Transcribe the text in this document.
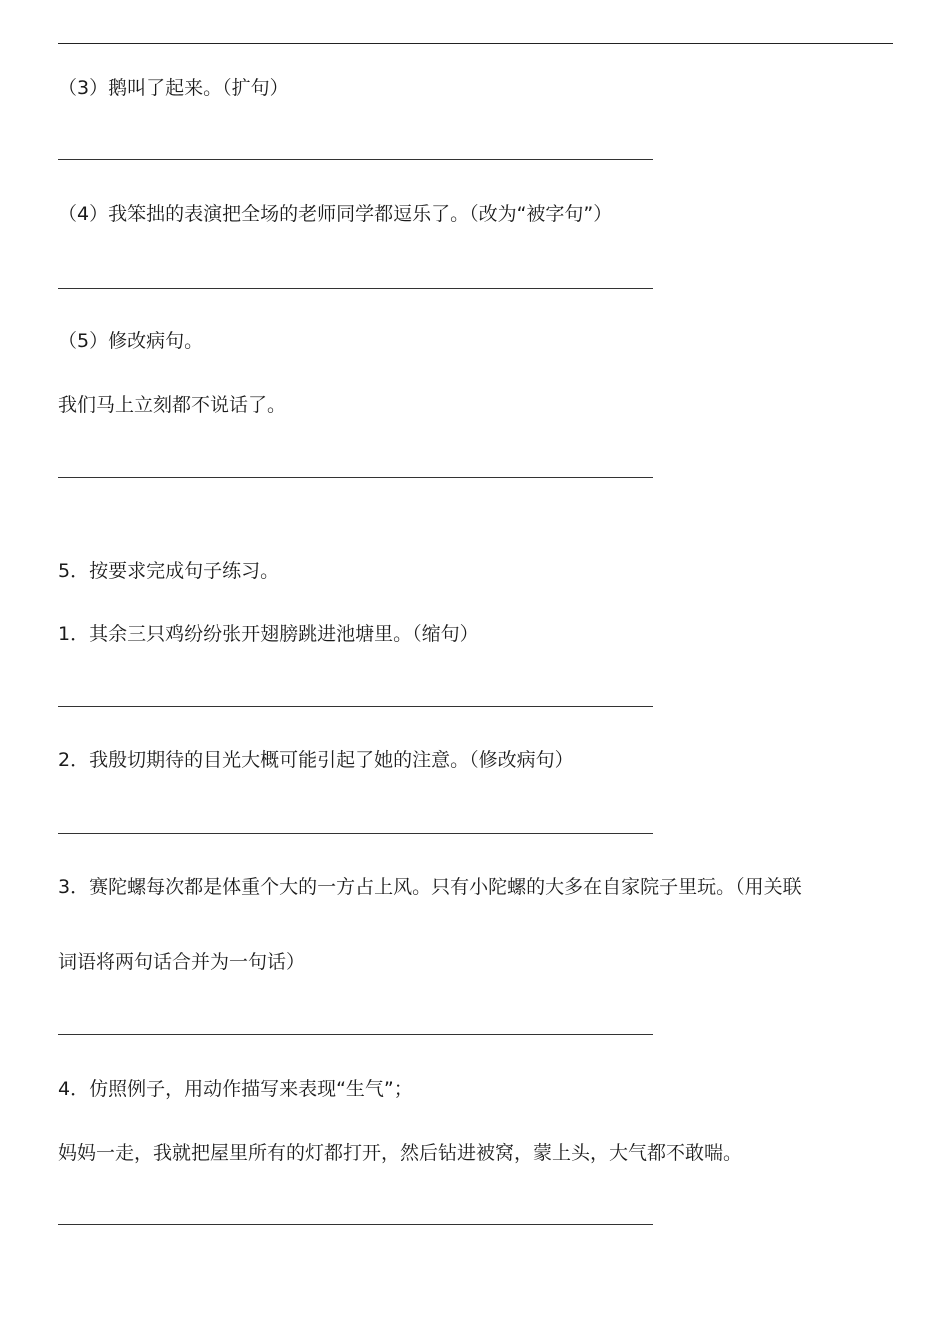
（3）鹅叫了起来。（扩句）
（4）我笨拙的表演把全场的老师同学都逗乐了。（改为“被字句”）
（5）修改病句。
我们马上立刻都不说话了。
5．按要求完成句子练习。
1．其余三只鸡纷纷张开翅膀跳进池塘里。（缩句）
2．我殷切期待的目光大概可能引起了她的注意。（修改病句）
3．赛陀螺每次都是体重个大的一方占上风。只有小陀螺的大多在自家院子里玩。（用关联
词语将两句话合并为一句话）
4．仿照例子，用动作描写来表现“生气”；
妈妈一走，我就把屋里所有的灯都打开，然后钻进被窝，蒙上头，大气都不敢喘。
